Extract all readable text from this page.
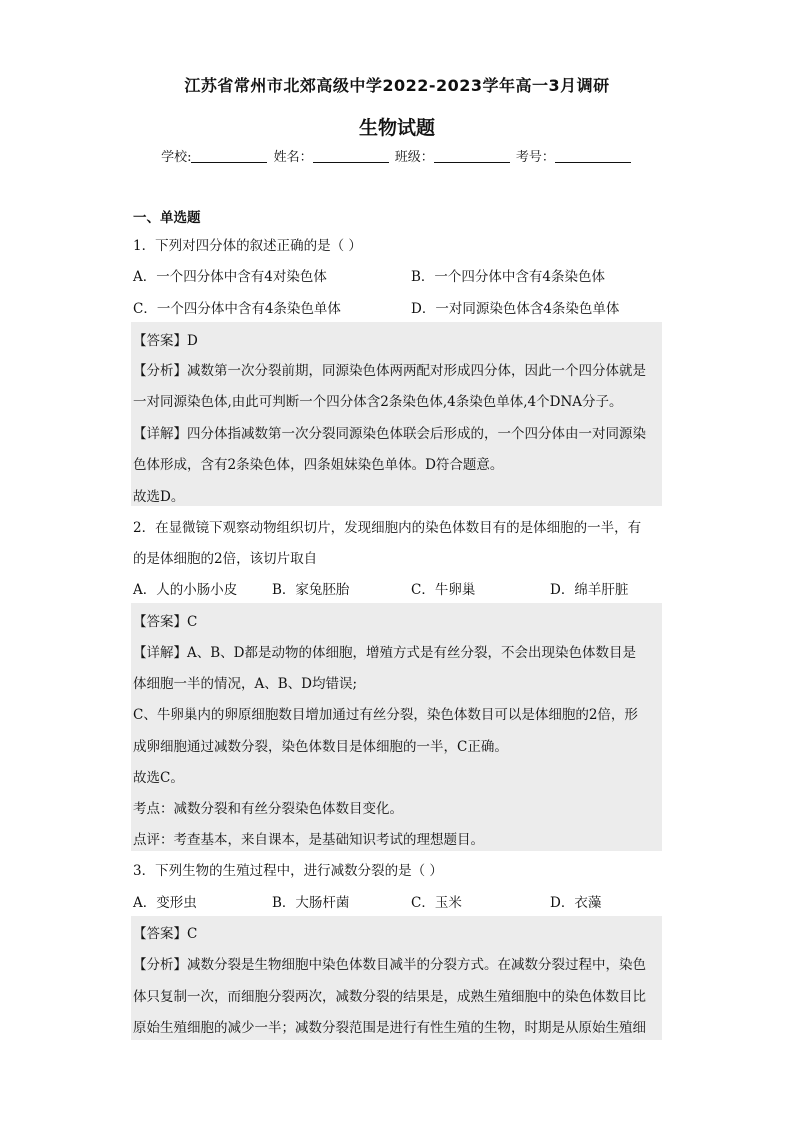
江苏省常州市北郊高级中学2022-2023学年高一3月调研
生物试题
学校:	姓名：	班级：	考号：
一、单选题
1．下列对四分体的叙述正确的是（ ）
A．一个四分体中含有4对染色体	B．一个四分体中含有4条染色体
C．一个四分体中含有4条染色单体	D．一对同源染色体含4条染色单体
【答案】D
【分析】减数第一次分裂前期，同源染色体两两配对形成四分体，因此一个四分体就是
一对同源染色体,由此可判断一个四分体含2条染色体,4条染色单体,4个DNA分子。
【详解】四分体指减数第一次分裂同源染色体联会后形成的，一个四分体由一对同源染
色体形成，含有2条染色体，四条姐妹染色单体。D符合题意。
故选D。
2．在显微镜下观察动物组织切片，发现细胞内的染色体数目有的是体细胞的一半，有
的是体细胞的2倍，该切片取自
A．人的小肠小皮	B．家兔胚胎	C．牛卵巢	D．绵羊肝脏
【答案】C
【详解】A、B、D都是动物的体细胞，增殖方式是有丝分裂，不会出现染色体数目是
体细胞一半的情况，A、B、D均错误;
C、牛卵巢内的卵原细胞数目增加通过有丝分裂，染色体数目可以是体细胞的2倍，形
成卵细胞通过减数分裂，染色体数目是体细胞的一半，C正确。
故选C。
考点：减数分裂和有丝分裂染色体数目变化。
点评：考查基本，来自课本，是基础知识考试的理想题目。
3．下列生物的生殖过程中，进行减数分裂的是（ ）
A．变形虫	B．大肠杆菌	C．玉米	D．衣藻
【答案】C
【分析】减数分裂是生物细胞中染色体数目减半的分裂方式。在减数分裂过程中，染色
体只复制一次，而细胞分裂两次，减数分裂的结果是，成熟生殖细胞中的染色体数目比
原始生殖细胞的减少一半；减数分裂范围是进行有性生殖的生物，时期是从原始生殖细
